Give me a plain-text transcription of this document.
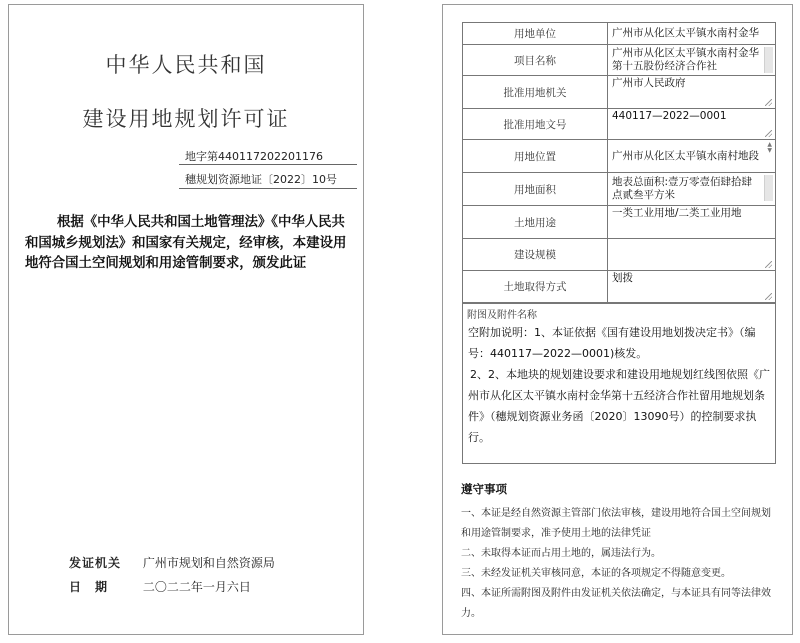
中华人民共和国
建设用地规划许可证
地字第440117202201176
穗规划资源地证〔2022〕10号
根据《中华人民共和国土地管理法》《中华人民共和国城乡规划法》和国家有关规定，经审核，本建设用地符合国土空间规划和用途管制要求，颁发此证
发证机关 广州市规划和自然资源局
日　期	二〇二二年一月六日
用地单位	广州市从化区太平镇水南村金华

项目名称	广州市从化区太平镇水南村金华第十五股份经济合作社

批准用地机关	广州市人民政府

批准用地文号	440117—2022—0001

用地位置	广州市从化区太平镇水南村地段
▲
▼

用地面积	地表总面积:壹万零壹佰肆拾肆点贰叁平方米

土地用途	一类工业用地/二类工业用地

建设规模	

土地取得方式	划拨
附图及附件名称

空附加说明：1、本证依据《国有建设用地划拨决定书》（编号：440117—2022—0001)核发。

2、2、本地块的规划建设要求和建设用地规划红线图依照《广州市从化区太平镇水南村金华第十五经济合作社留用地规划条件》（穗规划资源业务函〔2020〕13090号）的控制要求执行。

遵守事项

一、本证是经自然资源主管部门依法审核，建设用地符合国土空间规划和用途管制要求，准予使用土地的法律凭证

二、未取得本证而占用土地的，属违法行为。

三、未经发证机关审核同意，本证的各项规定不得随意变更。

四、本证所需附图及附件由发证机关依法确定，与本证具有同等法律效力。
